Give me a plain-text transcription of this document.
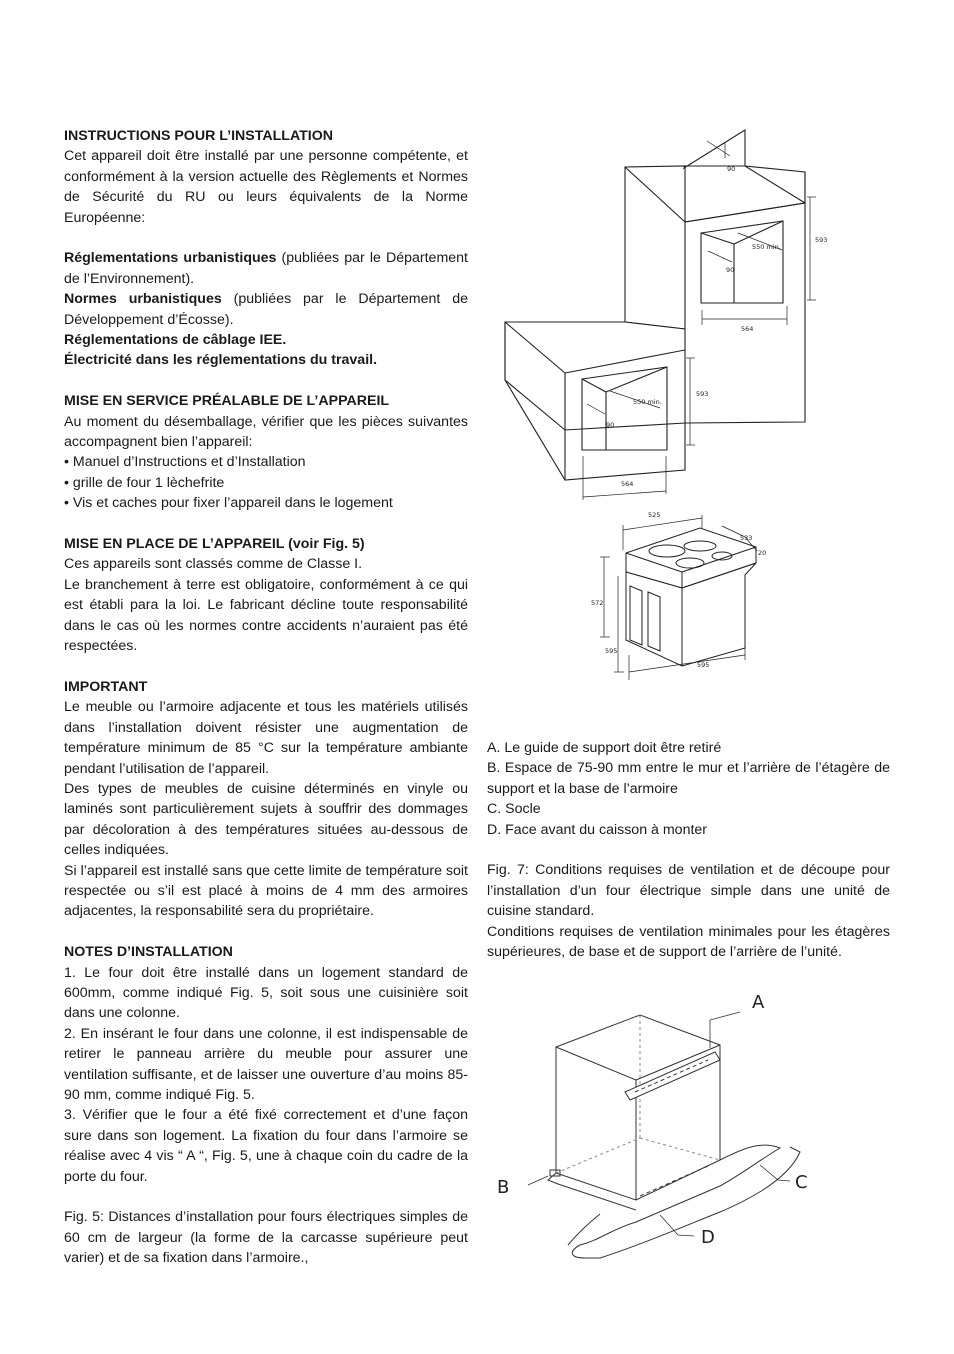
INSTRUCTIONS POUR L’INSTALLATION

Cet appareil doit être installé par une personne compétente, et conformément à la version actuelle des Règlements et Normes de Sécurité du RU ou leurs équivalents de la Norme Européenne:

Réglementations urbanistiques (publiées par le Département de l’Environnement).

Normes urbanistiques (publiées par le Département de Développement d’Écosse).

Réglementations de câblage IEE.

Électricité dans les réglementations du travail.

MISE EN SERVICE PRÉALABLE DE L’APPAREIL

Au moment du désemballage, vérifier que les pièces suivantes accompagnent bien l’appareil:

• Manuel d’Instructions et d’Installation

• grille de four 1 lèchefrite

• Vis et caches pour fixer l’appareil dans le logement

MISE EN PLACE DE L’APPAREIL (voir Fig. 5)

Ces appareils sont classés comme de Classe I.

Le branchement à terre est obligatoire, conformément à ce qui est établi para la loi. Le fabricant décline toute responsabilité dans le cas où les normes contre accidents n’auraient pas été respectées.

IMPORTANT

Le meuble ou l’armoire adjacente et tous les matériels utilisés dans l’installation doivent résister une augmentation de température minimum de 85 °C sur la température ambiante pendant l’utilisation de l’appareil.

Des types de meubles de cuisine déterminés en vinyle ou laminés sont particulièrement sujets à souffrir des dommages par décoloration à des températures situées au-dessous de celles indiquées.

Si l’appareil est installé sans que cette limite de température soit respectée ou s’il est placé à moins de 4 mm des armoires adjacentes, la responsabilité sera du propriétaire.

NOTES D’INSTALLATION

1. Le four doit être installé dans un logement standard de 600mm, comme indiqué Fig. 5, soit sous une cuisinière soit dans une colonne.

2. En insérant le four dans une colonne, il est indispensable de retirer le panneau arrière du meuble pour assurer une ventilation suffisante, et de laisser une ouverture d’au moins 85-90 mm, comme indiqué Fig. 5.

3. Vérifier que le four a été fixé correctement et d’une façon sure dans son logement. La fixation du four dans l’armoire se réalise avec 4 vis “ A “, Fig. 5, une à chaque coin du cadre de la porte du four.

Fig. 5: Distances d’installation pour fours électriques simples de 60 cm de largeur (la forme de la carcasse supérieure peut varier) et de sa fixation dans l’armoire.,

A. Le guide de support doit être retiré

B. Espace de 75-90 mm entre le mur et l’arrière de l’étagère de support et la base de l’armoire

C. Socle

D. Face avant du caisson à monter

Fig. 7: Conditions requises de ventilation et de découpe pour l’installation d’un four électrique simple dans une unité de cuisine standard.

Conditions requises de ventilation minimales pour les étagères supérieures, de base et de support de l’arrière de l’unité.

90
593
550 min.
90
564
593
550 min.
90
564
525
533
20
572
595
595
A
B	C
D
